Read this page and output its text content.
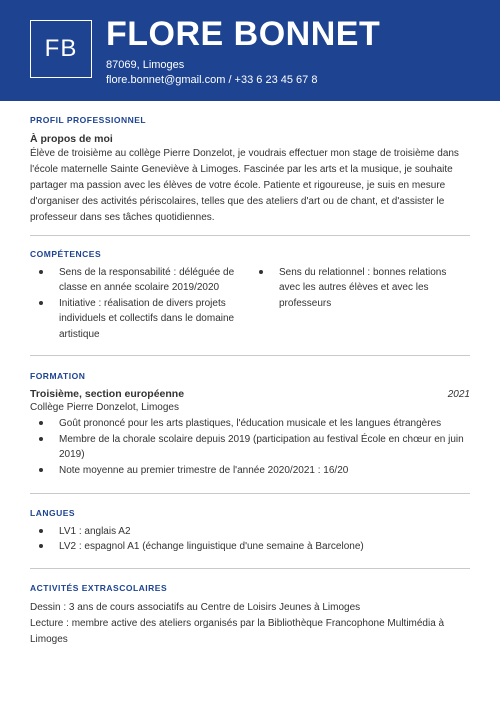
FB FLORE BONNET
87069, Limoges
flore.bonnet@gmail.com / +33 6 23 45 67 8
PROFIL PROFESSIONNEL
À propos de moi
Élève de troisième au collège Pierre Donzelot, je voudrais effectuer mon stage de troisième dans l'école maternelle Sainte Geneviève à Limoges. Fascinée par les arts et la musique, je souhaite partager ma passion avec les élèves de votre école. Patiente et rigoureuse, je suis en mesure d'organiser des activités périscolaires, telles que des ateliers d'art ou de chant, et d'assister le professeur dans ses tâches quotidiennes.
COMPÉTENCES
Sens de la responsabilité : déléguée de classe en année scolaire 2019/2020
Initiative : réalisation de divers projets individuels et collectifs dans le domaine artistique
Sens du relationnel : bonnes relations avec les autres élèves et avec les professeurs
FORMATION
Troisième, section européenne	2021
Collège Pierre Donzelot, Limoges
Goût prononcé pour les arts plastiques, l'éducation musicale et les langues étrangères
Membre de la chorale scolaire depuis 2019 (participation au festival École en chœur en juin 2019)
Note moyenne au premier trimestre de l'année 2020/2021 : 16/20
LANGUES
LV1 : anglais A2
LV2 : espagnol A1 (échange linguistique d'une semaine à Barcelone)
ACTIVITÉS EXTRASCOLAIRES
Dessin : 3 ans de cours associatifs au Centre de Loisirs Jeunes à Limoges
Lecture : membre active des ateliers organisés par la Bibliothèque Francophone Multimédia à Limoges
